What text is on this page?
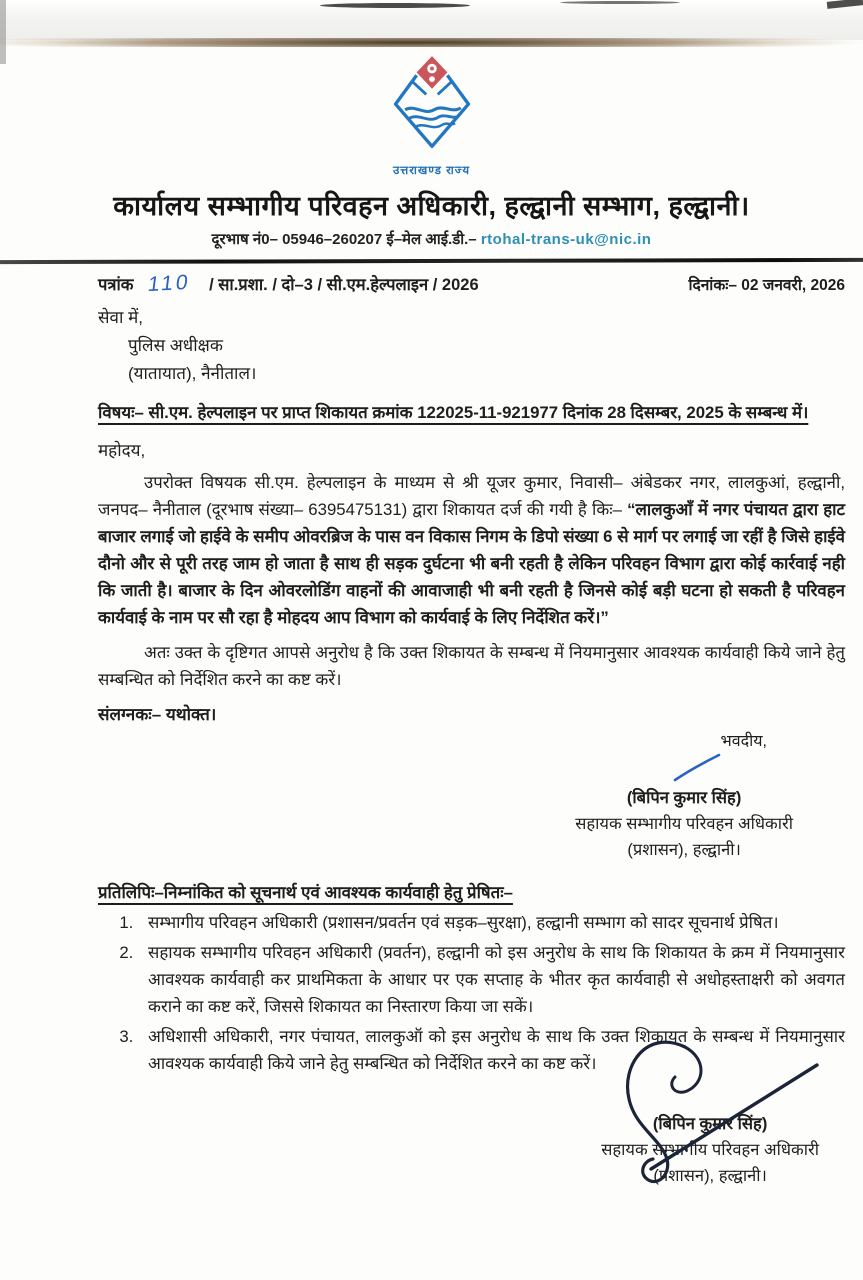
उत्तराखण्ड राज्य
कार्यालय सम्भागीय परिवहन अधिकारी, हल्द्वानी सम्भाग, हल्द्वानी।
दूरभाष नं0– 05946–260207 ई–मेल आई.डी.– rtohal-trans-uk@nic.in
पत्रांक 110 / सा.प्रशा. / दो–3 / सी.एम.हेल्पलाइन / 2026	दिनांकः– 02 जनवरी, 2026
सेवा में,
पुलिस अधीक्षक
(यातायात), नैनीताल।
विषयः– सी.एम. हेल्पलाइन पर प्राप्त शिकायत क्रमांक 122025-11-921977 दिनांक 28 दिसम्बर, 2025 के सम्बन्ध में।
महोदय,
उपरोक्त विषयक सी.एम. हेल्पलाइन के माध्यम से श्री यूजर कुमार, निवासी– अंबेडकर नगर, लालकुआं, हल्द्वानी, जनपद– नैनीताल (दूरभाष संख्या– 6395475131) द्वारा शिकायत दर्ज की गयी है किः– “लालकुआँ में नगर पंचायत द्वारा हाट बाजार लगाई जो हाईवे के समीप ओवरब्रिज के पास वन विकास निगम के डिपो संख्या 6 से मार्ग पर लगाई जा रहीं है जिसे हाईवे दौनो और से पूरी तरह जाम हो जाता है साथ ही सड़क दुर्घटना भी बनी रहती है लेकिन परिवहन विभाग द्वारा कोई कार्रवाई नही कि जाती है। बाजार के दिन ओवरलोडिंग वाहनों की आवाजाही भी बनी रहती है जिनसे कोई बड़ी घटना हो सकती है परिवहन कार्यवाई के नाम पर सौ रहा है मोहदय आप विभाग को कार्यवाई के लिए निर्देशित करें।”
अतः उक्त के दृष्टिगत आपसे अनुरोध है कि उक्त शिकायत के सम्बन्ध में नियमानुसार आवश्यक कार्यवाही किये जाने हेतु सम्बन्धित को निर्देशित करने का कष्ट करें।
संलग्नकः– यथोक्त।
भवदीय,
(बिपिन कुमार सिंह)
सहायक सम्भागीय परिवहन अधिकारी
(प्रशासन), हल्द्वानी।
प्रतिलिपिः–निम्नांकित को सूचनार्थ एवं आवश्यक कार्यवाही हेतु प्रेषितः–
1. सम्भागीय परिवहन अधिकारी (प्रशासन/प्रवर्तन एवं सड़क–सुरक्षा), हल्द्वानी सम्भाग को सादर सूचनार्थ प्रेषित।
2. सहायक सम्भागीय परिवहन अधिकारी (प्रवर्तन), हल्द्वानी को इस अनुरोध के साथ कि शिकायत के क्रम में नियमानुसार आवश्यक कार्यवाही कर प्राथमिकता के आधार पर एक सप्ताह के भीतर कृत कार्यवाही से अधोहस्ताक्षरी को अवगत कराने का कष्ट करें, जिससे शिकायत का निस्तारण किया जा सकें।
3. अधिशासी अधिकारी, नगर पंचायत, लालकुऑ को इस अनुरोध के साथ कि उक्त शिकायत के सम्बन्ध में नियमानुसार आवश्यक कार्यवाही किये जाने हेतु सम्बन्धित को निर्देशित करने का कष्ट करें।
(बिपिन कुमार सिंह)
सहायक सम्भागीय परिवहन अधिकारी
(प्रशासन), हल्द्वानी।
